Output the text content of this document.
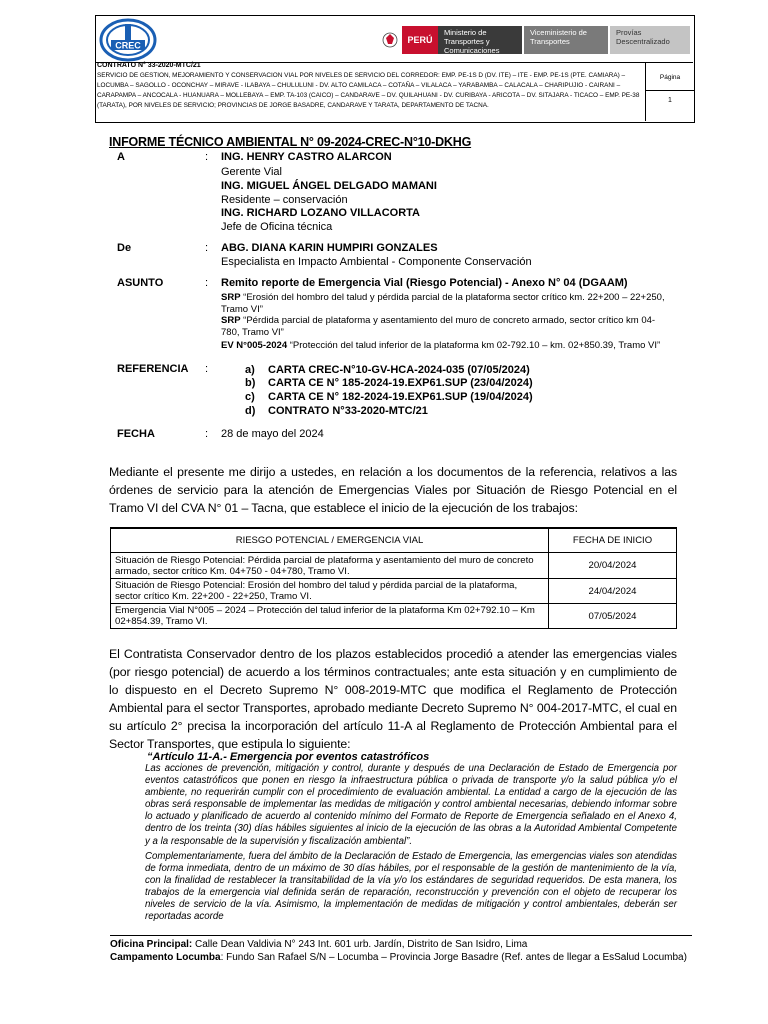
CREC
PERÚ
Ministerio de Transportes y Comunicaciones
Viceministerio de Transportes
Provías Descentralizado
CONTRATO N° 33-2020-MTC/21
SERVICIO DE GESTION, MEJORAMIENTO Y CONSERVACION VIAL POR NIVELES DE SERVICIO DEL CORREDOR: EMP. PE-1S D (DV. ITE) – ITE - EMP. PE-1S (PTE. CAMIARA) – LOCUMBA – SAGOLLO - OCONCHAY – MIRAVE - ILABAYA – CHULULUNI - DV. ALTO CAMILACA – COTAÑA – VILALACA – YARABAMBA – CALACALA – CHARIPUJIO - CAIRANI – CARAPAMPA – ANCOCALA - HUANUARA – MOLLEBAYA – EMP. TA-103 (CAICO) – CANDARAVE – DV. QUILAHUANI - DV. CURIBAYA - ARICOTA – DV. SITAJARA - TICACO – EMP. PE-38 (TARATA), POR NIVELES DE SERVICIO; PROVINCIAS DE JORGE BASADRE, CANDARAVE Y TARATA, DEPARTAMENTO DE TACNA.
Página
1
INFORME TÉCNICO AMBIENTAL N° 09-2024-CREC-N°10-DKHG
A	: ING. HENRY CASTRO ALARCON
Gerente Vial
ING. MIGUEL ÁNGEL DELGADO MAMANI
Residente – conservación
ING. RICHARD LOZANO VILLACORTA
Jefe de Oficina técnica
De	: ABG. DIANA KARIN HUMPIRI GONZALES
Especialista en Impacto Ambiental - Componente Conservación
ASUNTO	: Remito reporte de Emergencia Vial (Riesgo Potencial) - Anexo N° 04 (DGAAM)
SRP “Erosión del hombro del talud y pérdida parcial de la plataforma sector crítico km. 22+200 – 22+250, Tramo VI”
SRP “Pérdida parcial de plataforma y asentamiento del muro de concreto armado, sector crítico km 04-780, Tramo VI”
EV N°005-2024 “Protección del talud inferior de la plataforma km 02-792.10 – km. 02+850.39, Tramo VI”
REFERENCIA :	a) CARTA CREC-N°10-GV-HCA-2024-035 (07/05/2024)
b) CARTA CE N° 185-2024-19.EXP61.SUP (23/04/2024)
c) CARTA CE N° 182-2024-19.EXP61.SUP (19/04/2024)
d) CONTRATO N°33-2020-MTC/21
FECHA	: 28 de mayo del 2024
Mediante el presente me dirijo a ustedes, en relación a los documentos de la referencia, relativos a las órdenes de servicio para la atención de Emergencias Viales por Situación de Riesgo Potencial en el Tramo VI del CVA N° 01 – Tacna, que establece el inicio de la ejecución de los trabajos:
RIESGO POTENCIAL / EMERGENCIA VIAL	FECHA DE INICIO
Situación de Riesgo Potencial: Pérdida parcial de plataforma y asentamiento del muro de concreto armado, sector crítico Km. 04+750 - 04+780, Tramo VI.	20/04/2024
Situación de Riesgo Potencial: Erosión del hombro del talud y pérdida parcial de la plataforma, sector crítico Km. 22+200 - 22+250, Tramo VI.	24/04/2024
Emergencia Vial N°005 – 2024 – Protección del talud inferior de la plataforma Km 02+792.10 – Km 02+854.39, Tramo VI.	07/05/2024
El Contratista Conservador dentro de los plazos establecidos procedió a atender las emergencias viales (por riesgo potencial) de acuerdo a los términos contractuales; ante esta situación y en cumplimiento de lo dispuesto en el Decreto Supremo N° 008-2019-MTC que modifica el Reglamento de Protección Ambiental para el sector Transportes, aprobado mediante Decreto Supremo N° 004-2017-MTC, el cual en su artículo 2° precisa la incorporación del artículo 11-A al Reglamento de Protección Ambiental para el Sector Transportes, que estipula lo siguiente:
“Artículo 11-A.- Emergencia por eventos catastróficos
Las acciones de prevención, mitigación y control, durante y después de una Declaración de Estado de Emergencia por eventos catastróficos que ponen en riesgo la infraestructura pública o privada de transporte y/o la salud pública y/o el ambiente, no requerirán cumplir con el procedimiento de evaluación ambiental. La entidad a cargo de la ejecución de las obras será responsable de implementar las medidas de mitigación y control ambiental necesarias, debiendo informar sobre lo actuado y planificado de acuerdo al contenido mínimo del Formato de Reporte de Emergencia señalado en el Anexo 4, dentro de los treinta (30) días hábiles siguientes al inicio de la ejecución de las obras a la Autoridad Ambiental Competente y a la responsable de la supervisión y fiscalización ambiental”.
Complementariamente, fuera del ámbito de la Declaración de Estado de Emergencia, las emergencias viales son atendidas de forma inmediata, dentro de un máximo de 30 días hábiles, por el responsable de la gestión de mantenimiento de la vía, con la finalidad de restablecer la transitabilidad de la vía y/o los estándares de seguridad requeridos. De esta manera, los trabajos de la emergencia vial definida serán de reparación, reconstrucción y prevención con el objeto de recuperar los niveles de servicio de la vía. Asimismo, la implementación de medidas de mitigación y control ambientales, deberán ser reportadas acorde
Oficina Principal: Calle Dean Valdivia N° 243 Int. 601 urb. Jardín, Distrito de San Isidro, Lima
Campamento Locumba: Fundo San Rafael S/N – Locumba – Provincia Jorge Basadre (Ref. antes de llegar a EsSalud Locumba)
